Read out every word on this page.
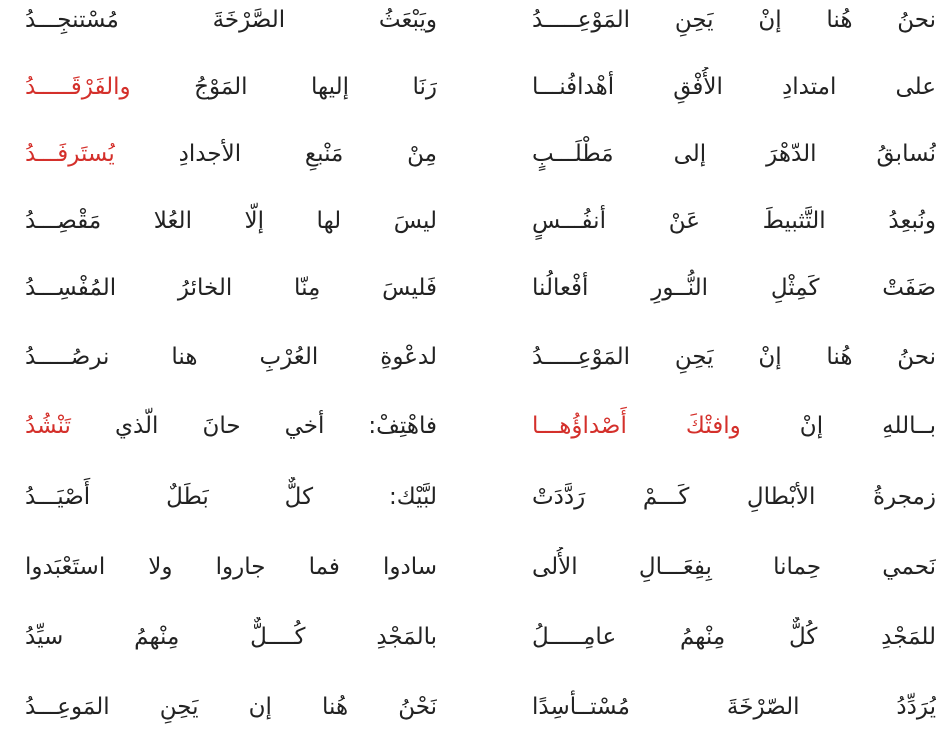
نحنُ هُنا إنْ يَحِنِ المَوْعِـــــدُ
ويَبْعَثُ الصَّرْخَةَ مُسْتنجِـــدُ
على امتدادِ الأُفْقِ أهْدافُنـــا
رَنَا إليها المَوْجُ والفَرْقَـــــدُ
نُسابقُ الدّهْرَ إلى مَطْلَـــبٍ
مِنْ مَنْبعِ الأجدادِ يُستَرفَـــدُ
ونُبعِدُ التَّثبيطَ عَنْ أنفُـــسٍ
ليسَ لها إلّا العُلا مَقْصِـــدُ
صَفَتْ كَمِثْلِ النُّــورِ أفْعالُنا
فَليسَ مِنّا الخائرُ المُفْسِـــدُ
نحنُ هُنا إنْ يَحِنِ المَوْعِـــــدُ
لدعْوةِ العُرْبِ هنا نرصُـــــدُ
بــاللهِ إنْ وافتْكَ أَصْداؤُهـــا
فاهْتِفْ: أخي حانَ الّذي تَنْشُدُ
زمجرةُ الأبْطالِ كَـــمْ رَدَّدَتْ
لبَّيْك: كلٌّ بَطَلٌ أَصْيَـــدُ
نَحمي حِمانا بِفِعَـــالِ الأُلى
سادوا فما جاروا ولا استَعْبَدوا
للمَجْدِ كُلٌّ مِنْهمُ عامِـــــلُ
بالمَجْدِ كُــــلٌّ مِنْهمُ سيِّدُ
يُرَدِّدُ الصّرْخَةَ مُسْتــأسِدًا
نَحْنُ هُنا إن يَحِنِ المَوعِـــدُ
